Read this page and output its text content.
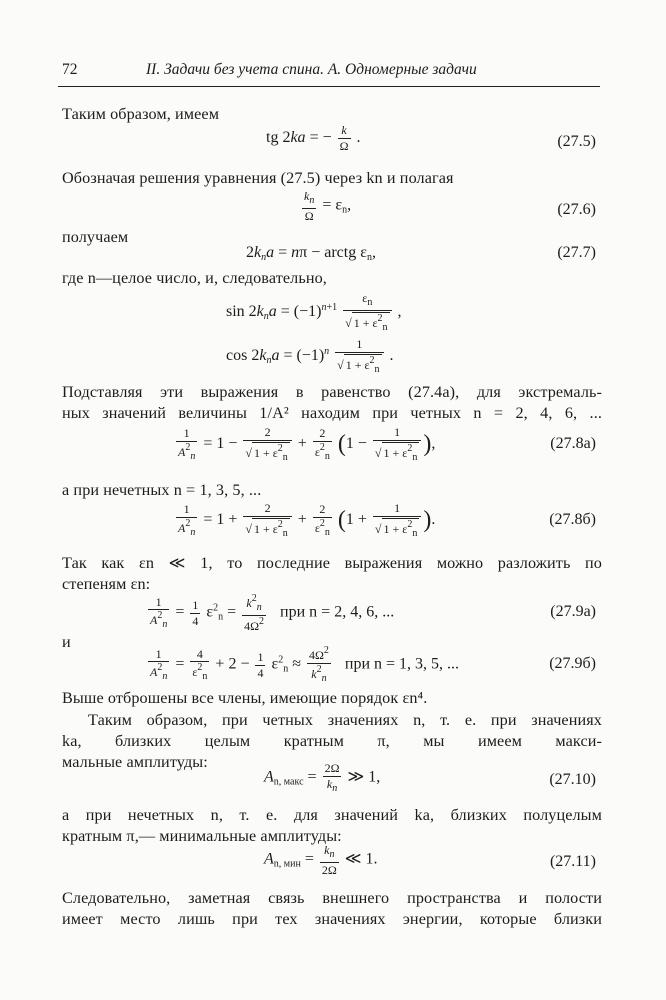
72	II. Задачи без учета спина. А. Одномерные задачи
Таким образом, имеем
tg 2ka = − $\frac{k}{\Omega}$ .	(27.5)
Обозначая решения уравнения (27.5) через kn и полагая
$\frac{k_n}{\Omega} = \varepsilon_n$,	(27.6)
получаем
$2k_na = n\pi$ − arctg $\varepsilon_n$,	(27.7)
где n—целое число, и, следовательно,
$\sin 2k_na = (-1)^{n+1} \frac{\varepsilon_n}{√ 1 + \varepsilon^2_n}$ ,
$\cos 2k_na = (-1)^n \frac{1}{√ 1 + \varepsilon^2_n}$ .
Подставляя эти выражения в равенство (27.4a), для экстремаль-
ных значений величины 1/A² находим при четных n = 2, 4, 6, ...
$\frac{1}{A^2_n} = 1 - \frac{2}{√ 1 + \varepsilon^2_n} + \frac{2}{\varepsilon^2_n} (1 - \frac{1}{√ 1 + \varepsilon^2_n}$ ),	(27.8a)
а при нечетных n = 1, 3, 5, ...
$\frac{1}{A^2_n} = 1 + \frac{2}{√ 1 + \varepsilon^2_n} + \frac{2}{\varepsilon^2_n} (1 + \frac{1}{√ 1 + \varepsilon^2_n}$ ).	(27.8б)
Так как εn ≪ 1, то последние выражения можно разложить по
степеням εn:
$\frac{1}{A^2_n} = \frac{1}{4} \varepsilon^2_n = \frac{k^2_n}{4\Omega^2}$ при n = 2, 4, 6, ...	(27.9a)
и
$\frac{1}{A^2_n} = \frac{4}{\varepsilon^2_n} + 2 - \frac{1}{4} \varepsilon^2_n \approx \frac{4\Omega^2}{k^2_n}$ при n = 1, 3, 5, ...	(27.9б)
Выше отброшены все члены, имеющие порядок εn⁴.
Таким образом, при четных значениях n, т. е. при значениях
ka, близких целым кратным π, мы имеем макси-
мальные амплитуды:
$A_{n, макс} = \frac{2\Omega}{k_n}$ ≫ 1,	(27.10)
а при нечетных n, т. е. для значений ka, близких полуцелым
кратным π,— минимальные амплитуды:
$A_{n, мин} = \frac{k_n}{2\Omega}$ ≪ 1.	(27.11)
Следовательно, заметная связь внешнего пространства и полости
имеет место лишь при тех значениях энергии, которые близки
